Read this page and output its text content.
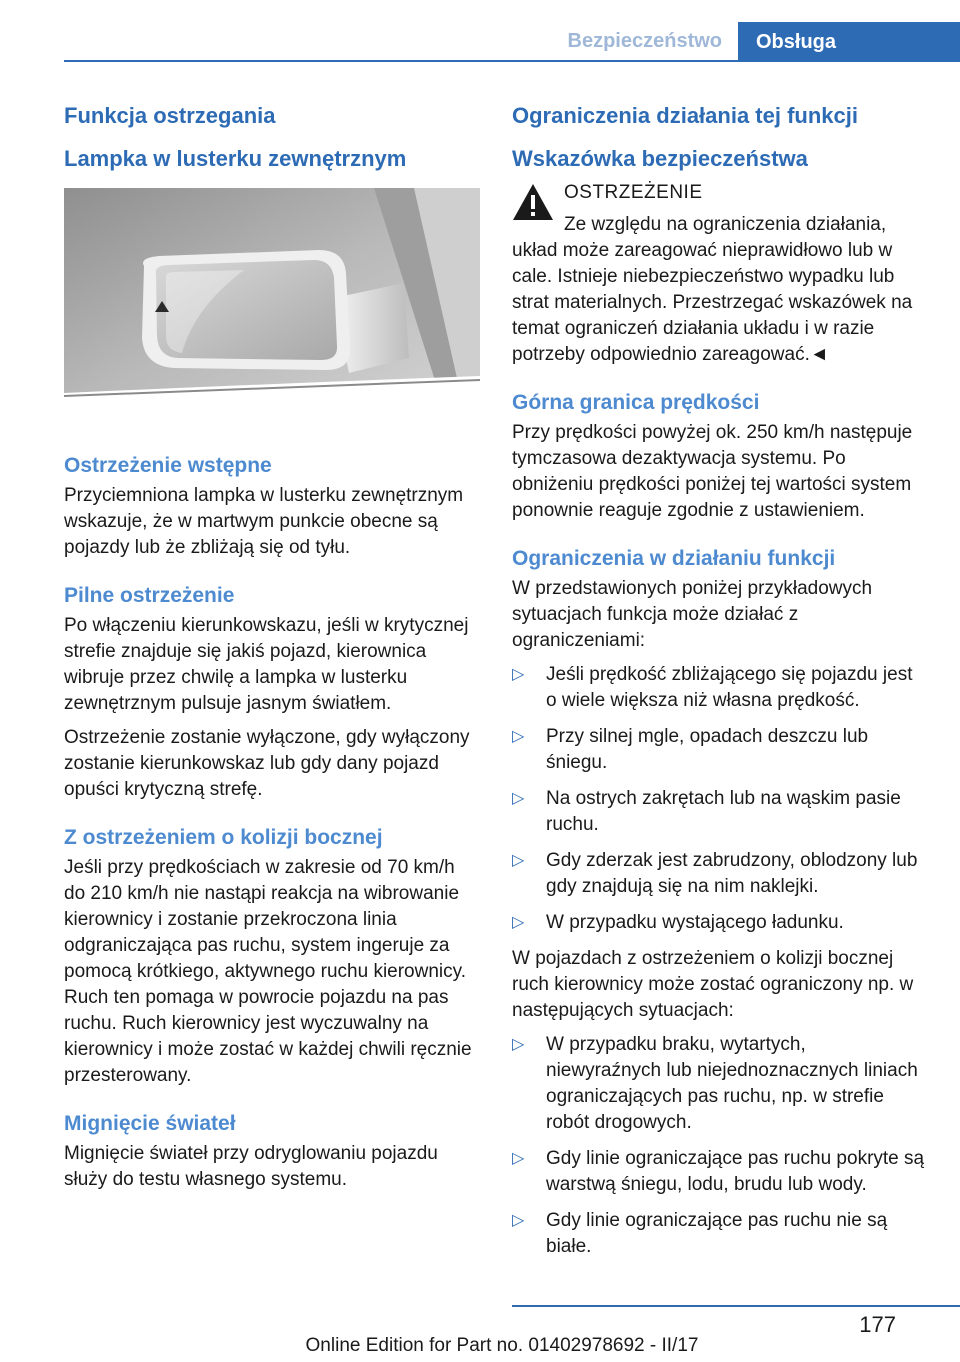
Bezpieczeństwo	Obsługa
Funkcja ostrzegania
Lampka w lusterku zewnętrznym
Ostrzeżenie wstępne

Przyciemniona lampka w lusterku zewnętrznym wskazuje, że w martwym punkcie obecne są pojazdy lub że zbliżają się od tyłu.

Pilne ostrzeżenie

Po włączeniu kierunkowskazu, jeśli w krytycznej strefie znajduje się jakiś pojazd, kierownica wibruje przez chwilę a lampka w lusterku zewnętrznym pulsuje jasnym światłem.

Ostrzeżenie zostanie wyłączone, gdy wyłączony zostanie kierunkowskaz lub gdy dany pojazd opuści krytyczną strefę.

Z ostrzeżeniem o kolizji bocznej

Jeśli przy prędkościach w zakresie od 70 km/h do 210 km/h nie nastąpi reakcja na wibrowanie kierownicy i zostanie przekroczona linia odgraniczająca pas ruchu, system ingeruje za pomocą krótkiego, aktywnego ruchu kierownicy. Ruch ten pomaga w powrocie pojazdu na pas ruchu. Ruch kierownicy jest wyczuwalny na kierownicy i może zostać w każdej chwili ręcznie przesterowany.

Mignięcie świateł

Mignięcie świateł przy odryglowaniu pojazdu służy do testu własnego systemu.

Ograniczenia działania tej funkcji
Wskazówka bezpieczeństwa
OSTRZEŻENIE

Ze względu na ograniczenia działania, układ może zareagować nieprawidłowo lub w cale. Istnieje niebezpieczeństwo wypadku lub strat materialnych. Przestrzegać wskazówek na temat ograniczeń działania układu i w razie potrzeby odpowiednio zareagować.◄

Górna granica prędkości

Przy prędkości powyżej ok. 250 km/h następuje tymczasowa dezaktywacja systemu. Po obniżeniu prędkości poniżej tej wartości system ponownie reaguje zgodnie z ustawieniem.

Ograniczenia w działaniu funkcji

W przedstawionych poniżej przykładowych sytuacjach funkcja może działać z ograniczeniami:

▷ Jeśli prędkość zbliżającego się pojazdu jest o wiele większa niż własna prędkość.
▷ Przy silnej mgle, opadach deszczu lub śniegu.
▷ Na ostrych zakrętach lub na wąskim pasie ruchu.
▷ Gdy zderzak jest zabrudzony, oblodzony lub gdy znajdują się na nim naklejki.
▷ W przypadku wystającego ładunku.

W pojazdach z ostrzeżeniem o kolizji bocznej ruch kierownicy może zostać ograniczony np. w następujących sytuacjach:

▷ W przypadku braku, wytartych, niewyraźnych lub niejednoznacznych liniach ograniczających pas ruchu, np. w strefie robót drogowych.
▷ Gdy linie ograniczające pas ruchu pokryte są warstwą śniegu, lodu, brudu lub wody.
▷ Gdy linie ograniczające pas ruchu nie są białe.
177
Online Edition for Part no. 01402978692 - II/17
